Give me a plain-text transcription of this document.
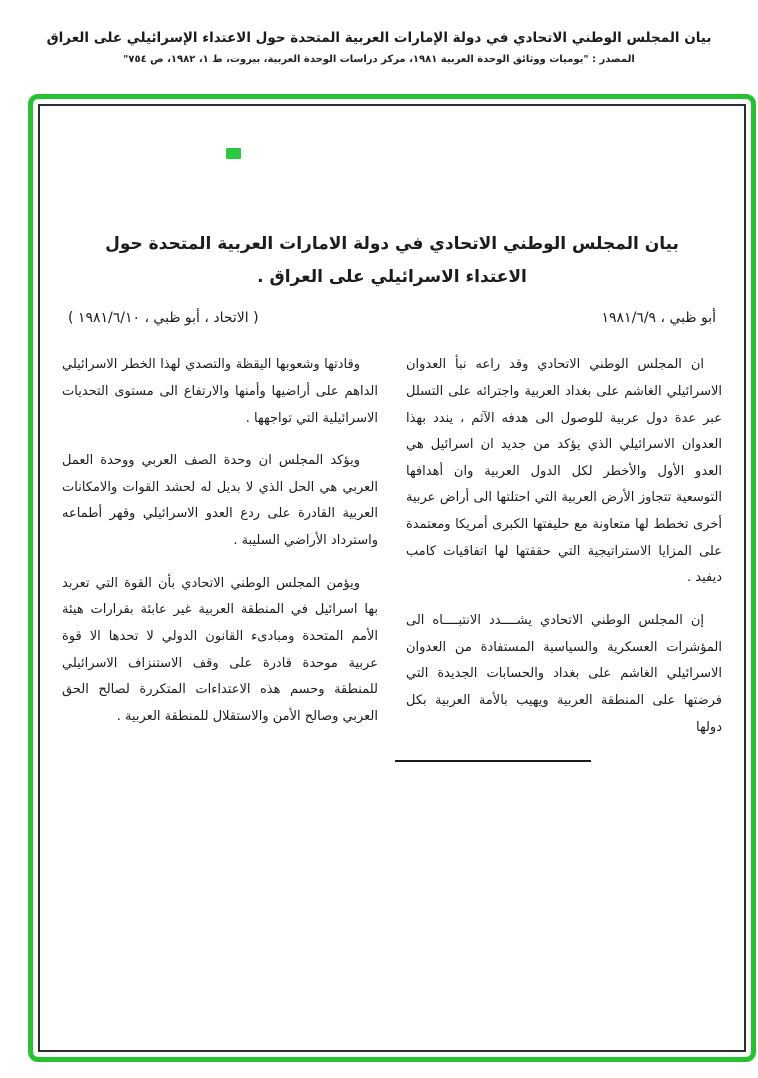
بيان المجلس الوطني الاتحادي في دولة الإمارات العربية المتحدة حول الاعتداء الإسرائيلي على العراق
المصدر : "يوميات ووثائق الوحدة العربية ١٩٨١، مركز دراسات الوحدة العربية، بيروت، ط ١، ١٩٨٢، ص ٧٥٤"
بيان المجلس الوطني الاتحادي في دولة الامارات العربية المتحدة حول الاعتداء الاسرائيلي على العراق .
أبو ظبي ، ١٩٨١/٦/٩
( الاتحاد ، أبو ظبي ، ١٩٨١/٦/١٠ )

ان المجلس الوطني الاتحادي وقد راعه نبأ العدوان الاسرائيلي الغاشم على بغداد العربية واجترائه على التسلل عبر عدة دول عربية للوصول الى هدفه الآثم ، يندد بهذا العدوان الاسرائيلي الذي يؤكد من جديد ان اسرائيل هي العدو الأول والأخطر لكل الدول العربية وان أهدافها التوسعية تتجاوز الأرض العربية التي احتلتها الى أراض عربية أخرى تخطط لها متعاونة مع حليفتها الكبرى أمريكا ومعتمدة على المزايا الاستراتيجية التي حققتها لها اتفاقيات كامب ديفيد .

إن المجلس الوطني الاتحادي يشــــدد الانتبــــاه الى المؤشرات العسكرية والسياسية المستفادة من العدوان الاسرائيلي الغاشم على بغداد والحسابات الجديدة التي فرضتها على المنطقة العربية ويهيب بالأمة العربية بكل دولها

وقادتها وشعوبها اليقظة والتصدي لهذا الخطر الاسرائيلي الداهم على أراضيها وأمنها والارتفاع الى مستوى التحديات الاسرائيلية التي تواجهها .

ويؤكد المجلس ان وحدة الصف العربي ووحدة العمل العربي هي الحل الذي لا بديل له لحشد القوات والامكانات العربية القادرة على ردع العدو الاسرائيلي وقهر أطماعه واسترداد الأراضي السليبة .

ويؤمن المجلس الوطني الاتحادي بأن القوة التي تعربد بها اسرائيل في المنطقة العربية غير عابئة بقرارات هيئة الأمم المتحدة ومبادىء القانون الدولي لا تحدها الا قوة عربية موحدة قادرة على وقف الاستنزاف الاسرائيلي للمنطقة وحسم هذه الاعتداءات المتكررة لصالح الحق العربي وصالح الأمن والاستقلال للمنطقة العربية .
